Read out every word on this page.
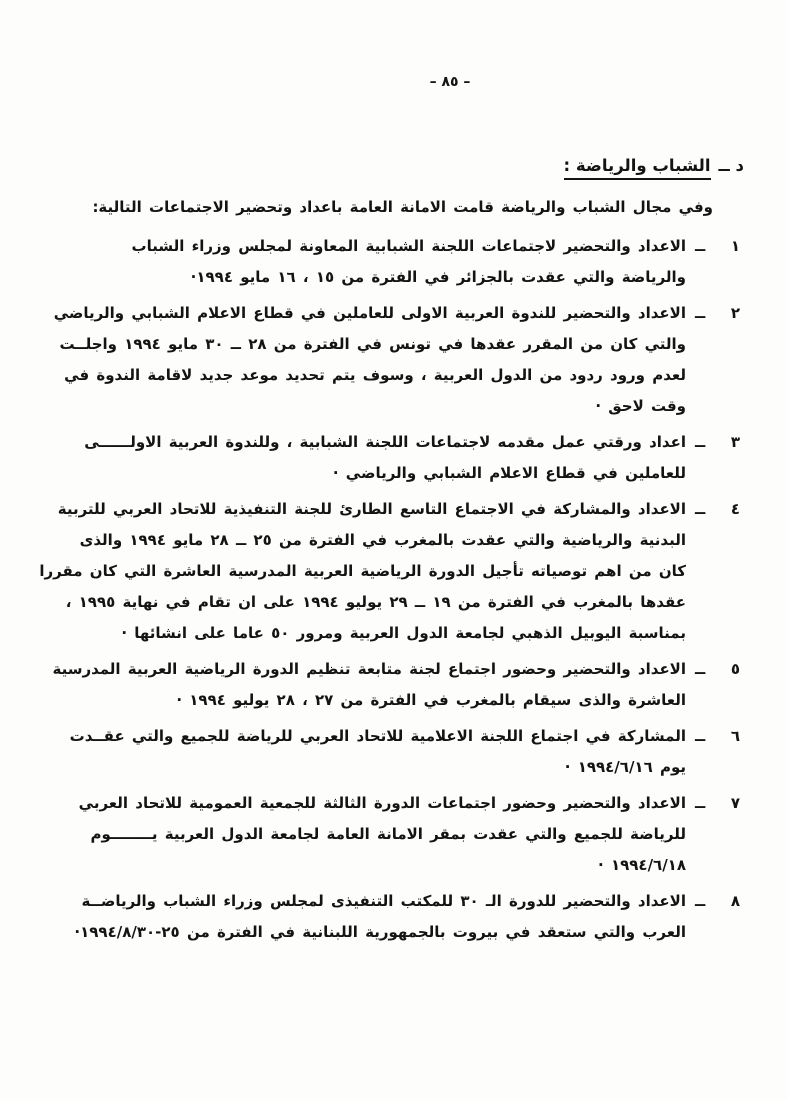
– ٨٥ –
د ــ
الشباب والرياضة :

وفي مجال الشباب والرياضة قامت الامانة العامة باعداد وتحضير الاجتماعات التالية:

١
ــ
الاعداد والتحضير لاجتماعات اللجنة الشبابية المعاونة لمجلس وزراء الشباب
والرياضة والتي عقدت بالجزائر في الفترة من ١٥ ، ١٦ مايو ١٩٩٤·
٢
ــ
الاعداد والتحضير للندوة العربية الاولى للعاملين في قطاع الاعلام الشبابي والرياضي
والتي كان من المقرر عقدها في تونس في الفترة من ٢٨ ــ ٣٠ مايو ١٩٩٤ واجلــت
لعدم ورود ردود من الدول العربية ، وسوف يتم تحديد موعد جديد لاقامة الندوة في
وقت لاحق ·
٣
ــ
اعداد ورقتي عمل مقدمه لاجتماعات اللجنة الشبابية ، وللندوة العربية الاولــــــى
للعاملين في قطاع الاعلام الشبابي والرياضي ·
٤
ــ
الاعداد والمشاركة في الاجتماع التاسع الطارئ للجنة التنفيذية للاتحاد العربي للتربية
البدنية والرياضية والتي عقدت بالمغرب في الفترة من ٢٥ ــ ٢٨ مايو ١٩٩٤ والذى
كان من اهم توصياته تأجيل الدورة الرياضية العربية المدرسية العاشرة التي كان مقررا
عقدها بالمغرب في الفترة من ١٩ ــ ٢٩ يوليو ١٩٩٤ على ان تقام في نهاية ١٩٩٥ ،
بمناسبة اليوبيل الذهبي لجامعة الدول العربية ومرور ٥٠ عاما على انشائها ·
٥
ــ
الاعداد والتحضير وحضور اجتماع لجنة متابعة تنظيم الدورة الرياضية العربية المدرسية
العاشرة والذى سيقام بالمغرب في الفترة من ٢٧ ، ٢٨ يوليو ١٩٩٤ ·
٦
ــ
المشاركة في اجتماع اللجنة الاعلامية للاتحاد العربي للرياضة للجميع والتي عقــدت
يوم ١٩٩٤/٦/١٦ ·
٧
ــ
الاعداد والتحضير وحضور اجتماعات الدورة الثالثة للجمعية العمومية للاتحاد العربي
للرياضة للجميع والتي عقدت بمقر الامانة العامة لجامعة الدول العربية يــــــــوم
١٩٩٤/٦/١٨ ·
٨
ــ
الاعداد والتحضير للدورة الـ ٣٠ للمكتب التنفيذى لمجلس وزراء الشباب والرياضــة
العرب والتي ستعقد في بيروت بالجمهورية اللبنانية في الفترة من ٢٥-١٩٩٤/٨/٣٠·
